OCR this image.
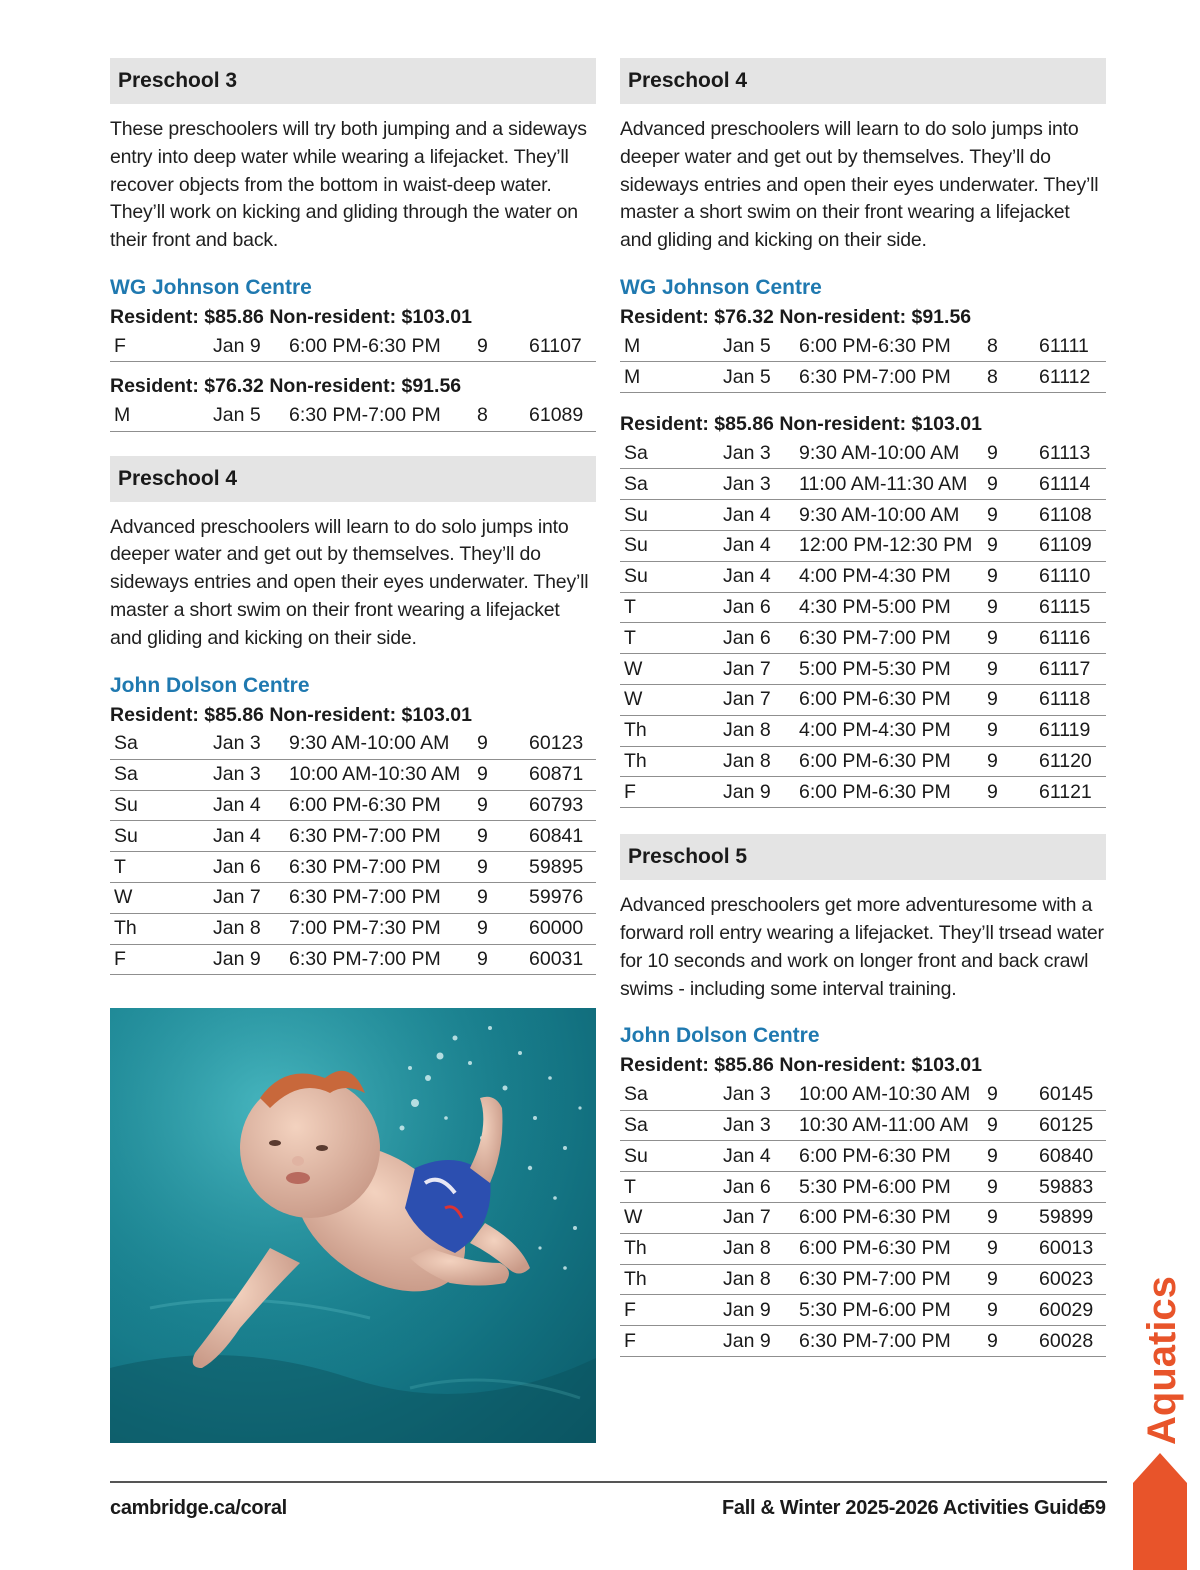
Preschool 3

These preschoolers will try both jumping and a sideways entry into deep water while wearing a lifejacket. They’ll recover objects from the bottom in waist-deep water. They’ll work on kicking and gliding through the water on their front and back.

WG Johnson Centre
Resident: $85.86 Non-resident: $103.01
F	Jan 9	6:00 PM-6:30 PM	9	61107
Resident: $76.32 Non-resident: $91.56
M	Jan 5	6:30 PM-7:00 PM	8	61089
Preschool 4

Advanced preschoolers will learn to do solo jumps into deeper water and get out by themselves. They’ll do sideways entries and open their eyes underwater. They’ll master a short swim on their front wearing a lifejacket and gliding and kicking on their side.

John Dolson Centre
Resident: $85.86 Non-resident: $103.01
Sa	Jan 3	9:30 AM-10:00 AM	9	60123
Sa	Jan 3	10:00 AM-10:30 AM	9	60871
Su	Jan 4	6:00 PM-6:30 PM	9	60793
Su	Jan 4	6:30 PM-7:00 PM	9	60841
T	Jan 6	6:30 PM-7:00 PM	9	59895
W	Jan 7	6:30 PM-7:00 PM	9	59976
Th	Jan 8	7:00 PM-7:30 PM	9	60000
F	Jan 9	6:30 PM-7:00 PM	9	60031
Preschool 4

Advanced preschoolers will learn to do solo jumps into deeper water and get out by themselves. They’ll do sideways entries and open their eyes underwater. They’ll master a short swim on their front wearing a lifejacket and gliding and kicking on their side.

WG Johnson Centre
Resident: $76.32 Non-resident: $91.56
M	Jan 5	6:00 PM-6:30 PM	8	61111
M	Jan 5	6:30 PM-7:00 PM	8	61112
Resident: $85.86 Non-resident: $103.01
Sa	Jan 3	9:30 AM-10:00 AM	9	61113
Sa	Jan 3	11:00 AM-11:30 AM	9	61114
Su	Jan 4	9:30 AM-10:00 AM	9	61108
Su	Jan 4	12:00 PM-12:30 PM	9	61109
Su	Jan 4	4:00 PM-4:30 PM	9	61110
T	Jan 6	4:30 PM-5:00 PM	9	61115
T	Jan 6	6:30 PM-7:00 PM	9	61116
W	Jan 7	5:00 PM-5:30 PM	9	61117
W	Jan 7	6:00 PM-6:30 PM	9	61118
Th	Jan 8	4:00 PM-4:30 PM	9	61119
Th	Jan 8	6:00 PM-6:30 PM	9	61120
F	Jan 9	6:00 PM-6:30 PM	9	61121
Preschool 5

Advanced preschoolers get more adventuresome with a forward roll entry wearing a lifejacket. They’ll trsead water for 10 seconds and work on longer front and back crawl swims - including some interval training.

John Dolson Centre
Resident: $85.86 Non-resident: $103.01
Sa	Jan 3	10:00 AM-10:30 AM	9	60145
Sa	Jan 3	10:30 AM-11:00 AM	9	60125
Su	Jan 4	6:00 PM-6:30 PM	9	60840
T	Jan 6	5:30 PM-6:00 PM	9	59883
W	Jan 7	6:00 PM-6:30 PM	9	59899
Th	Jan 8	6:00 PM-6:30 PM	9	60013
Th	Jan 8	6:30 PM-7:00 PM	9	60023
F	Jan 9	5:30 PM-6:00 PM	9	60029
F	Jan 9	6:30 PM-7:00 PM	9	60028
cambridge.ca/coral	Fall & Winter 2025-2026 Activities Guide
59
Aquatics
